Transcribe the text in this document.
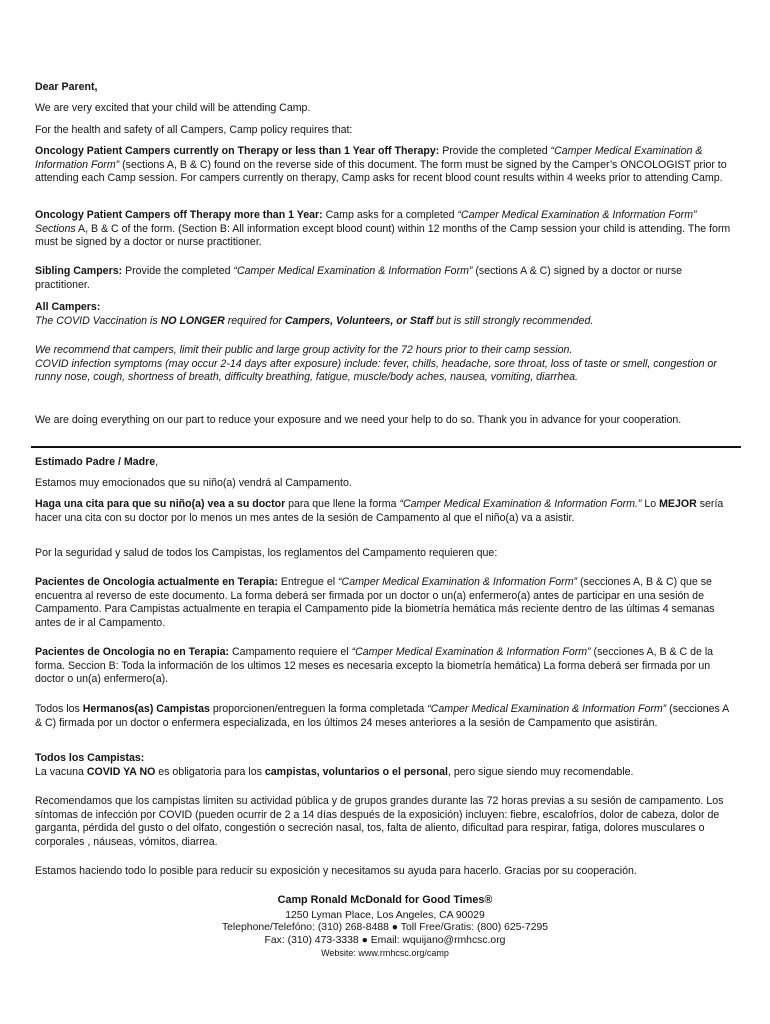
Dear Parent,

We are very excited that your child will be attending Camp.

For the health and safety of all Campers, Camp policy requires that:

Oncology Patient Campers currently on Therapy or less than 1 Year off Therapy: Provide the completed “Camper Medical Examination & Information Form” (sections A, B & C) found on the reverse side of this document. The form must be signed by the Camper’s ONCOLOGIST prior to attending each Camp session. For campers currently on therapy, Camp asks for recent blood count results within 4 weeks prior to attending Camp.

Oncology Patient Campers off Therapy more than 1 Year: Camp asks for a completed “Camper Medical Examination & Information Form” Sections A, B & C of the form. (Section B: All information except blood count) within 12 months of the Camp session your child is attending. The form must be signed by a doctor or nurse practitioner.

Sibling Campers: Provide the completed “Camper Medical Examination & Information Form” (sections A & C) signed by a doctor or nurse practitioner.

All Campers:
The COVID Vaccination is NO LONGER required for Campers, Volunteers, or Staff but is still strongly recommended.

We recommend that campers, limit their public and large group activity for the 72 hours prior to their camp session.
COVID infection symptoms (may occur 2-14 days after exposure) include: fever, chills, headache, sore throat, loss of taste or smell, congestion or runny nose, cough, shortness of breath, difficulty breathing, fatigue, muscle/body aches, nausea, vomiting, diarrhea.

We are doing everything on our part to reduce your exposure and we need your help to do so. Thank you in advance for your cooperation.

Estimado Padre / Madre,

Estamos muy emocionados que su niño(a) vendrá al Campamento.

Haga una cita para que su niño(a) vea a su doctor para que llene la forma “Camper Medical Examination & Information Form.” Lo MEJOR sería hacer una cita con su doctor por lo menos un mes antes de la sesión de Campamento al que el niño(a) va a asistir.

Por la seguridad y salud de todos los Campistas, los reglamentos del Campamento requieren que:

Pacientes de Oncologia actualmente en Terapia: Entregue el “Camper Medical Examination & Information Form” (secciones A, B & C) que se encuentra al reverso de este documento. La forma deberá ser firmada por un doctor o un(a) enfermero(a) antes de participar en una sesión de Campamento. Para Campistas actualmente en terapia el Campamento pide la biometría hemática más reciente dentro de las últimas 4 semanas antes de ir al Campamento.

Pacientes de Oncologia no en Terapia: Campamento requiere el “Camper Medical Examination & Information Form” (secciones A, B & C de la forma. Seccion B: Toda la información de los ultimos 12 meses es necesaria excepto la biometría hemática) La forma deberá ser firmada por un doctor o un(a) enfermero(a).

Todos los Hermanos(as) Campistas proporcionen/entreguen la forma completada “Camper Medical Examination & Information Form” (secciones A & C) firmada por un doctor o enfermera especializada, en los últimos 24 meses anteriores a la sesión de Campamento que asistirán.

Todos los Campistas:
La vacuna COVID YA NO es obligatoria para los campistas, voluntarios o el personal, pero sigue siendo muy recomendable.

Recomendamos que los campistas limiten su actividad pública y de grupos grandes durante las 72 horas previas a su sesión de campamento. Los síntomas de infección por COVID (pueden ocurrir de 2 a 14 días después de la exposición) incluyen: fiebre, escalofríos, dolor de cabeza, dolor de garganta, pérdida del gusto o del olfato, congestión o secreción nasal, tos, falta de aliento, dificultad para respirar, fatiga, dolores musculares o corporales , náuseas, vómitos, diarrea.

Estamos haciendo todo lo posible para reducir su exposición y necesitamos su ayuda para hacerlo. Gracias por su cooperación.

Camp Ronald McDonald for Good Times®
1250 Lyman Place, Los Angeles, CA 90029
Telephone/Telefóno: (310) 268-8488 ● Toll Free/Gratis: (800) 625-7295
Fax: (310) 473-3338 ● Email: wquijano@rmhcsc.org
Website: www.rmhcsc.org/camp
